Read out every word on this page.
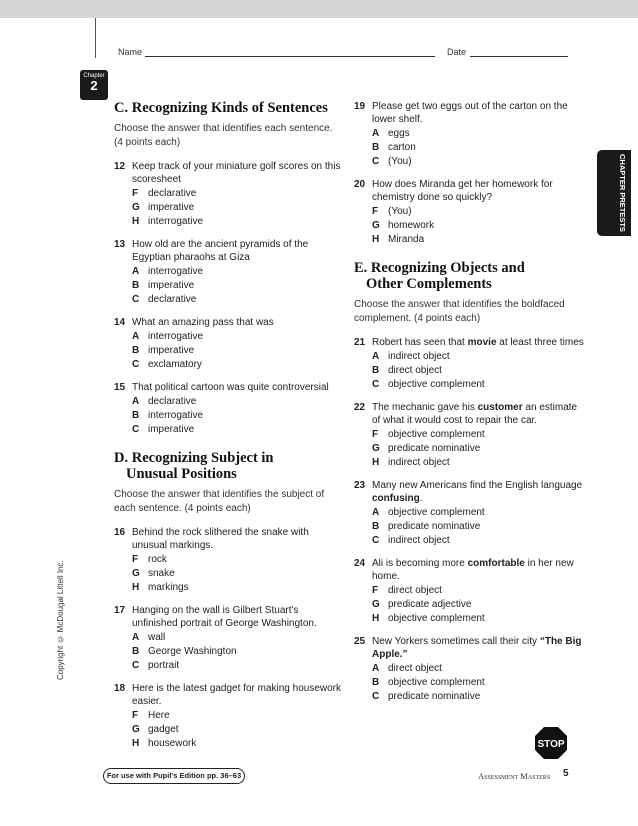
Name	Date
Chapter
2
CHAPTER PRETESTS
Copyright © McDougal Littell Inc.
C. Recognizing Kinds of Sentences

Choose the answer that identifies each sentence. (4 points each)

12 Keep track of your miniature golf scores on this scoresheet
F declarative
G imperative
H interrogative
13 How old are the ancient pyramids of the Egyptian pharaohs at Giza
A interrogative
B imperative
C declarative
14 What an amazing pass that was
A interrogative
B imperative
C exclamatory
15 That political cartoon was quite controversial
A declarative
B interrogative
C imperative
D. Recognizing Subject in
Unusual Positions

Choose the answer that identifies the subject of each sentence. (4 points each)

16 Behind the rock slithered the snake with unusual markings.
F rock
G snake
H markings
17 Hanging on the wall is Gilbert Stuart's unfinished portrait of George Washington.
A wall
B George Washington
C portrait
18 Here is the latest gadget for making housework easier.
F Here
G gadget
H housework
19 Please get two eggs out of the carton on the lower shelf.
A eggs
B carton
C (You)
20 How does Miranda get her homework for chemistry done so quickly?
F (You)
G homework
H Miranda
E. Recognizing Objects and
Other Complements

Choose the answer that identifies the boldfaced complement. (4 points each)

21 Robert has seen that movie at least three times
A indirect object
B direct object
C objective complement
22 The mechanic gave his customer an estimate of what it would cost to repair the car.
F objective complement
G predicate nominative
H indirect object
23 Many new Americans find the English language confusing.
A objective complement
B predicate nominative
C indirect object
24 Ali is becoming more comfortable in her new home.
F direct object
G predicate adjective
H objective complement
25 New Yorkers sometimes call their city “The Big Apple.”
A direct object
B objective complement
C predicate nominative
STOP
For use with Pupil's Edition pp. 36–63	Assessment Masters 5
